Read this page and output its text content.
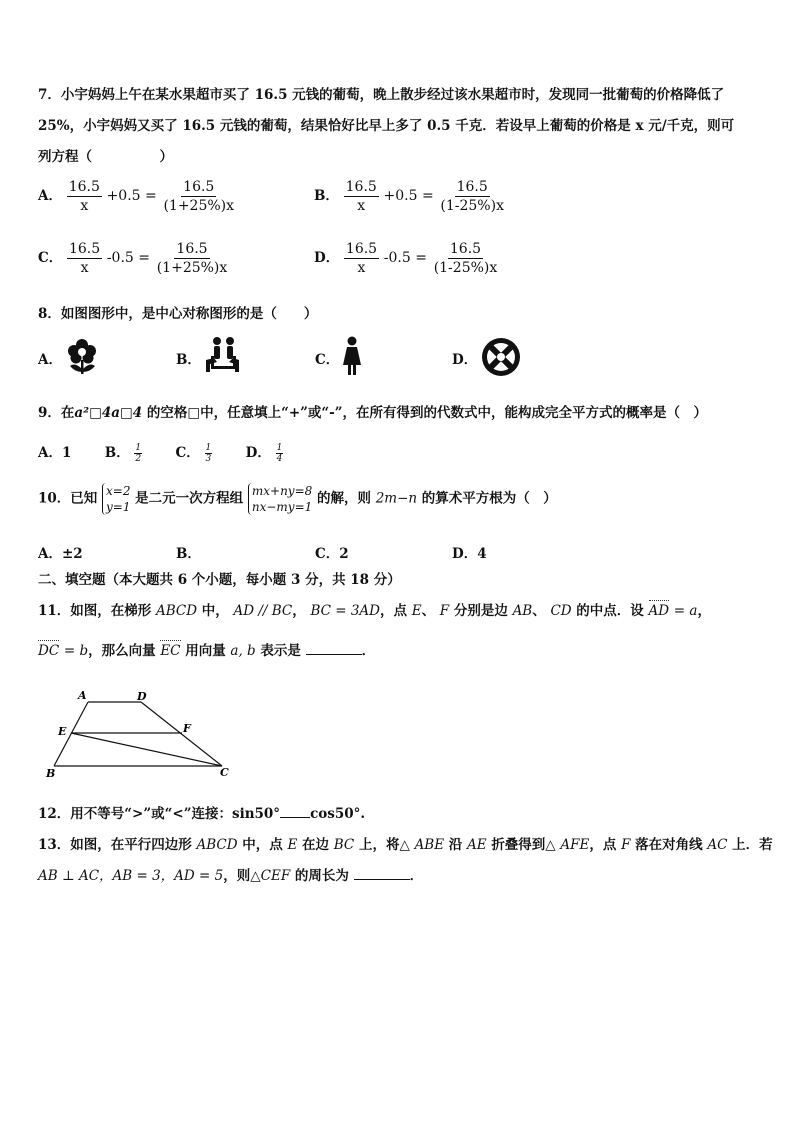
7．小宇妈妈上午在某水果超市买了 16.5 元钱的葡萄，晚上散步经过该水果超市时，发现同一批葡萄的价格降低了
25%，小宇妈妈又买了 16.5 元钱的葡萄，结果恰好比早上多了 0.5 千克．若设早上葡萄的价格是 x 元/千克，则可
列方程（　　　　　）
A． $\frac{16.5}{x} +0.5 = \frac{16.5}{(1+25\%)x}$	B． $\frac{16.5}{x} +0.5 = \frac{16.5}{(1-25\%)x}$
C． $\frac{16.5}{x} -0.5 = \frac{16.5}{(1+25\%)x}$	D． $\frac{16.5}{x} -0.5 = \frac{16.5}{(1-25\%)x}$
8．如图图形中，是中心对称图形的是（　　）
A．	B．	C．	D．
9．在a²□4a□4 的空格□中，任意填上“+”或“-”，在所有得到的代数式中，能构成完全平方式的概率是（　）
A．1 B． $\frac{1}{2}$ C． $\frac{1}{3}$ D． $\frac{1}{4}$
10．已知 x=2
y=1
是二元一次方程组 mx+ny=8
nx−my=1
的解，则 2m−n 的算术平方根为（　）
A．±2	B．	C．2	D．4
二、填空题（本大题共 6 个小题，每小题 3 分，共 18 分）
11．如图，在梯形 ABCD 中， AD // BC， BC = 3AD，点 E、 F 分别是边 AB、 CD 的中点．设 AD = a，
DC = b，那么向量 EC 用向量 a, b 表示是	．
A	D
E	F
B	C
12．用不等号“>”或“<”连接：sin50° cos50°.
13．如图，在平行四边形 ABCD 中，点 E 在边 BC 上，将△ ABE 沿 AE 折叠得到△ AFE，点 F 落在对角线 AC 上．若
AB ⊥ AC，AB = 3，AD = 5，则△CEF 的周长为	．
